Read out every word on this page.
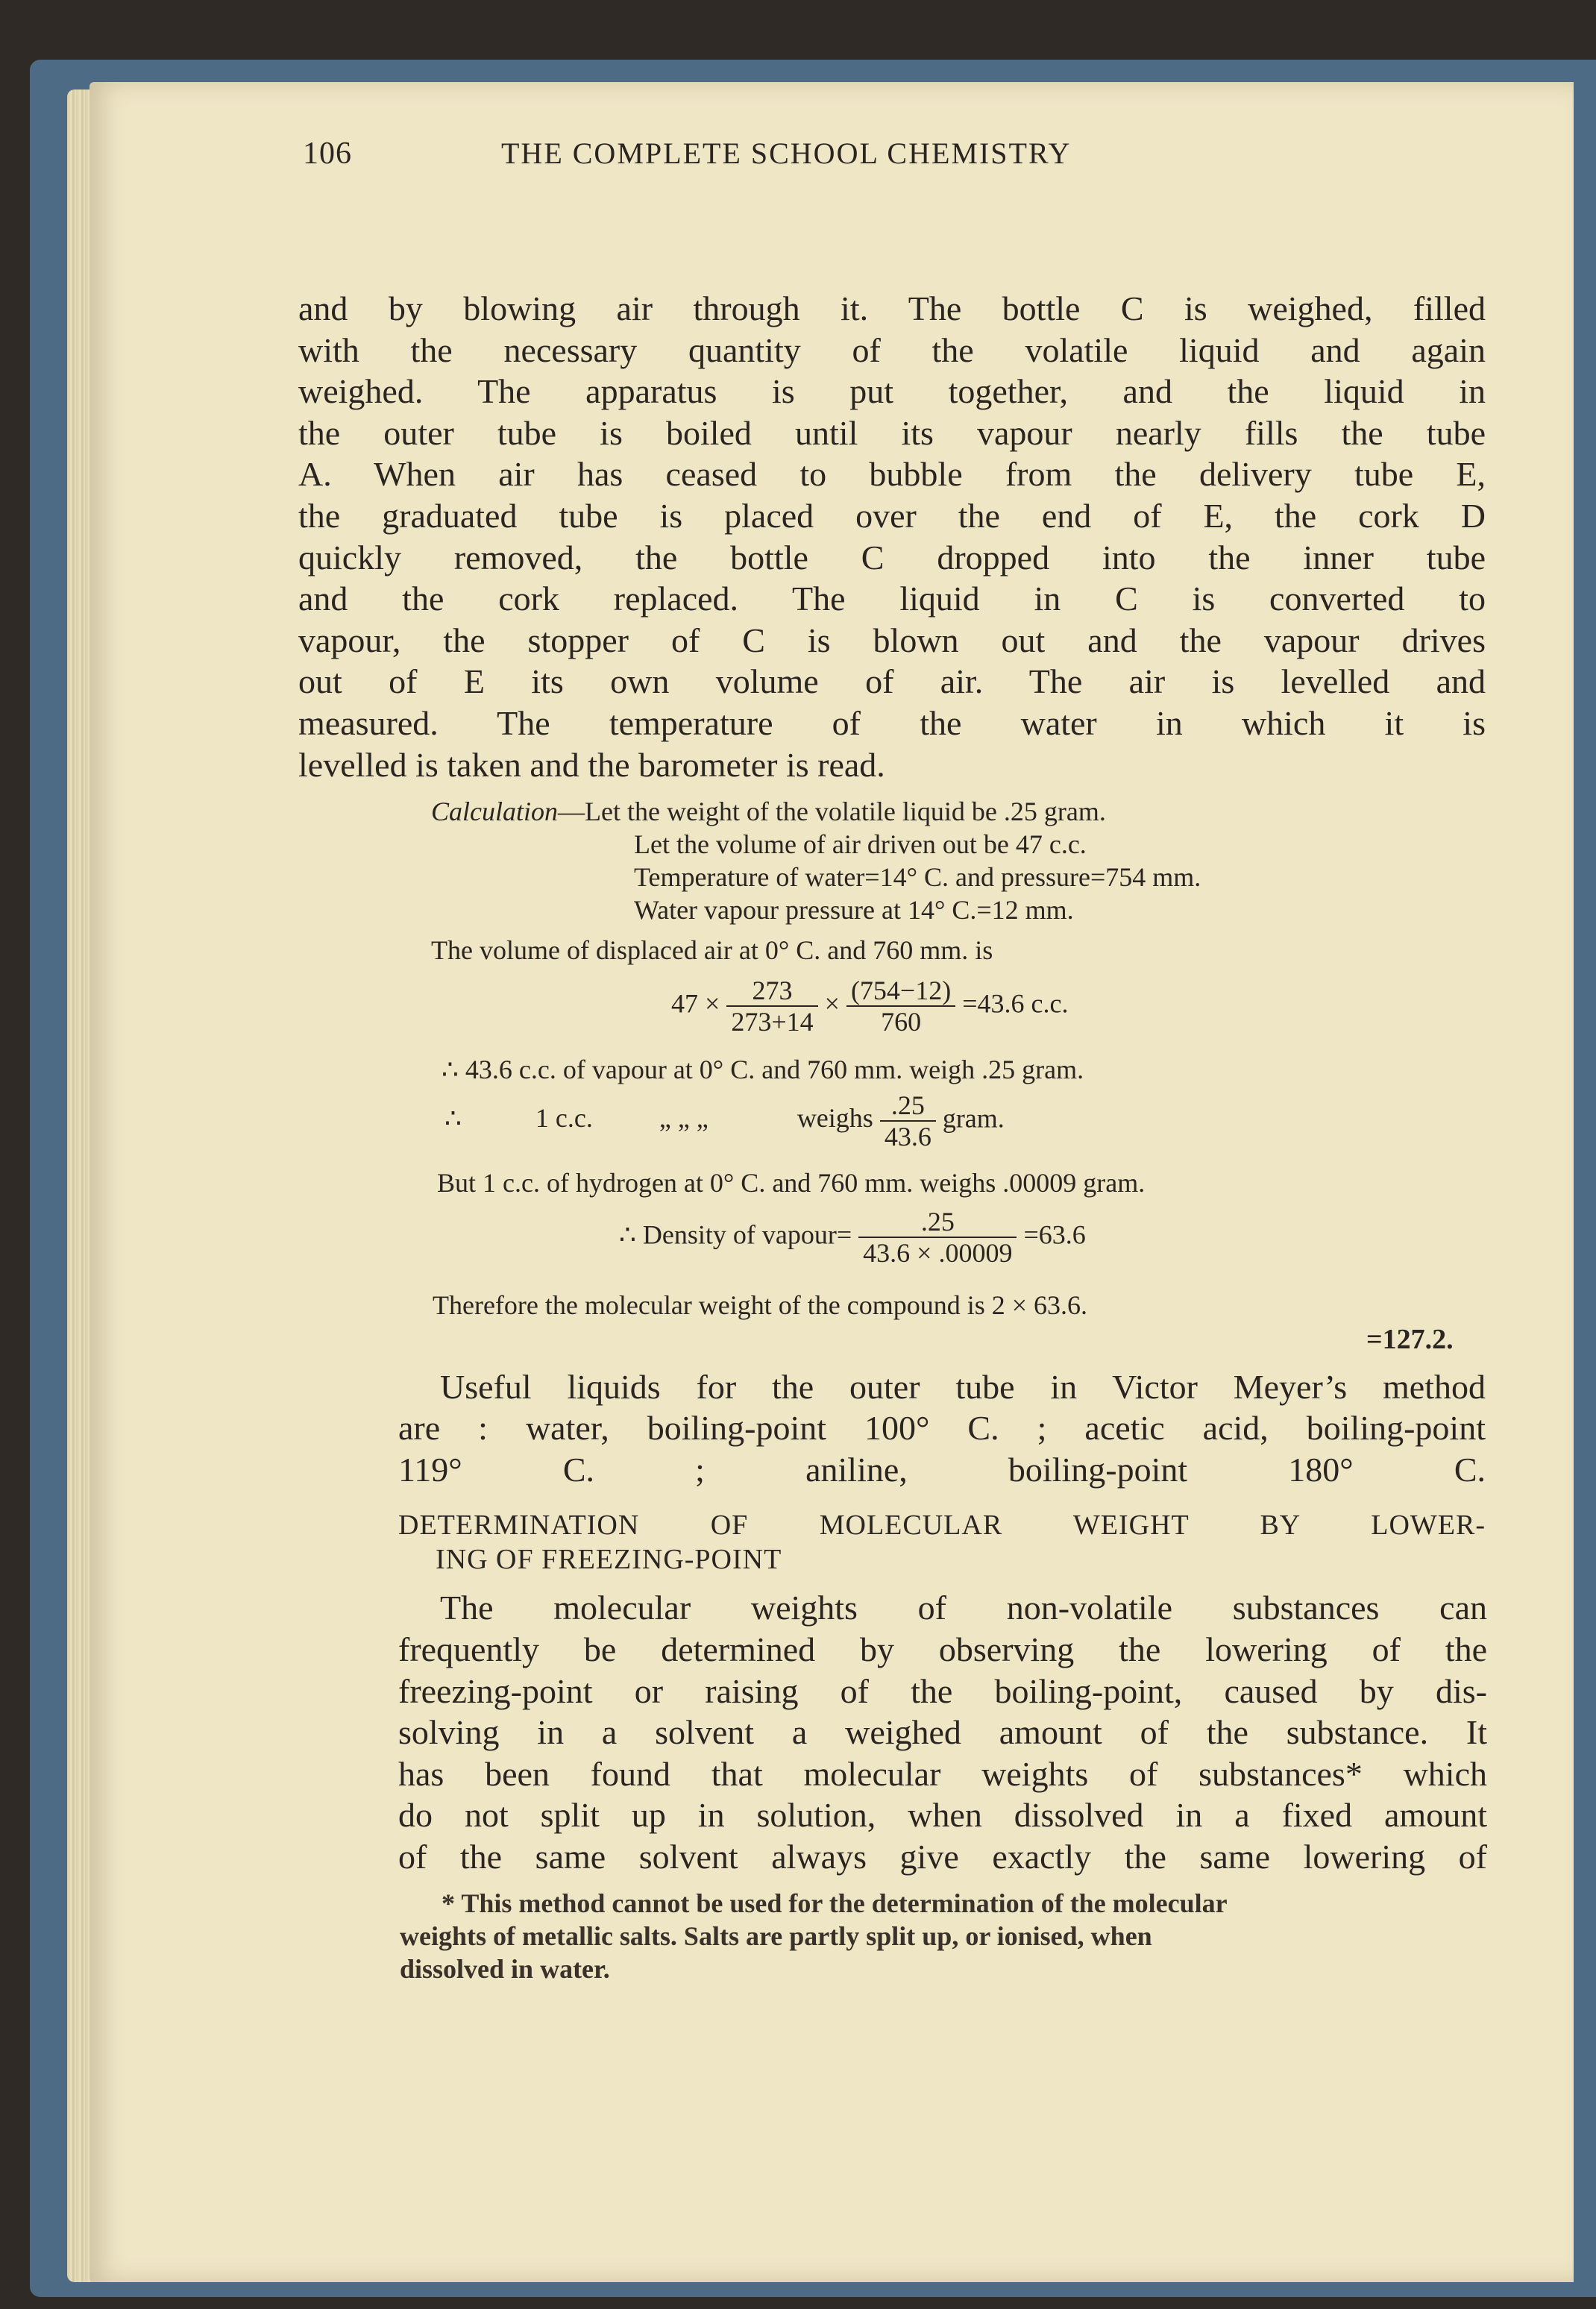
106	THE COMPLETE SCHOOL CHEMISTRY
and by blowing air through it. The bottle C is weighed, filled
with the necessary quantity of the volatile liquid and again
weighed. The apparatus is put together, and the liquid in
the outer tube is boiled until its vapour nearly fills the tube
A. When air has ceased to bubble from the delivery tube E,
the graduated tube is placed over the end of E, the cork D
quickly removed, the bottle C dropped into the inner tube
and the cork replaced. The liquid in C is converted to
vapour, the stopper of C is blown out and the vapour drives
out of E its own volume of air. The air is levelled and
measured. The temperature of the water in which it is
levelled is taken and the barometer is read.
Calculation—Let the weight of the volatile liquid be .25 gram.
Let the volume of air driven out be 47 c.c.
Temperature of water=14° C. and pressure=754 mm.
Water vapour pressure at 14° C.=12 mm.
The volume of displaced air at 0° C. and 760 mm. is
$47 \times \frac{273}{273+14} \times \frac{(754-12)}{760} =43.6$ c.c.
∴ 43.6 c.c. of vapour at 0° C. and 760 mm. weigh .25 gram.
∴	1 c.c. „ „ „	weighs $\frac{.25}{43.6}$ gram.
But 1 c.c. of hydrogen at 0° C. and 760 mm. weighs .00009 gram.
∴ Density of vapour= $\frac{.25}{43.6 \times .00009} =63.6$
Therefore the molecular weight of the compound is 2 × 63.6.
=127.2.
Useful liquids for the outer tube in Victor Meyer’s method
are : water, boiling-point 100° C. ; acetic acid, boiling-point
119° C. ; aniline, boiling-point 180° C.
DETERMINATION OF MOLECULAR WEIGHT BY LOWER-
ING OF FREEZING-POINT
The molecular weights of non-volatile substances can
frequently be determined by observing the lowering of the
freezing-point or raising of the boiling-point, caused by dis-
solving in a solvent a weighed amount of the substance. It
has been found that molecular weights of substances* which
do not split up in solution, when dissolved in a fixed amount
of the same solvent always give exactly the same lowering of
* This method cannot be used for the determination of the molecular
weights of metallic salts. Salts are partly split up, or ionised, when
dissolved in water.
